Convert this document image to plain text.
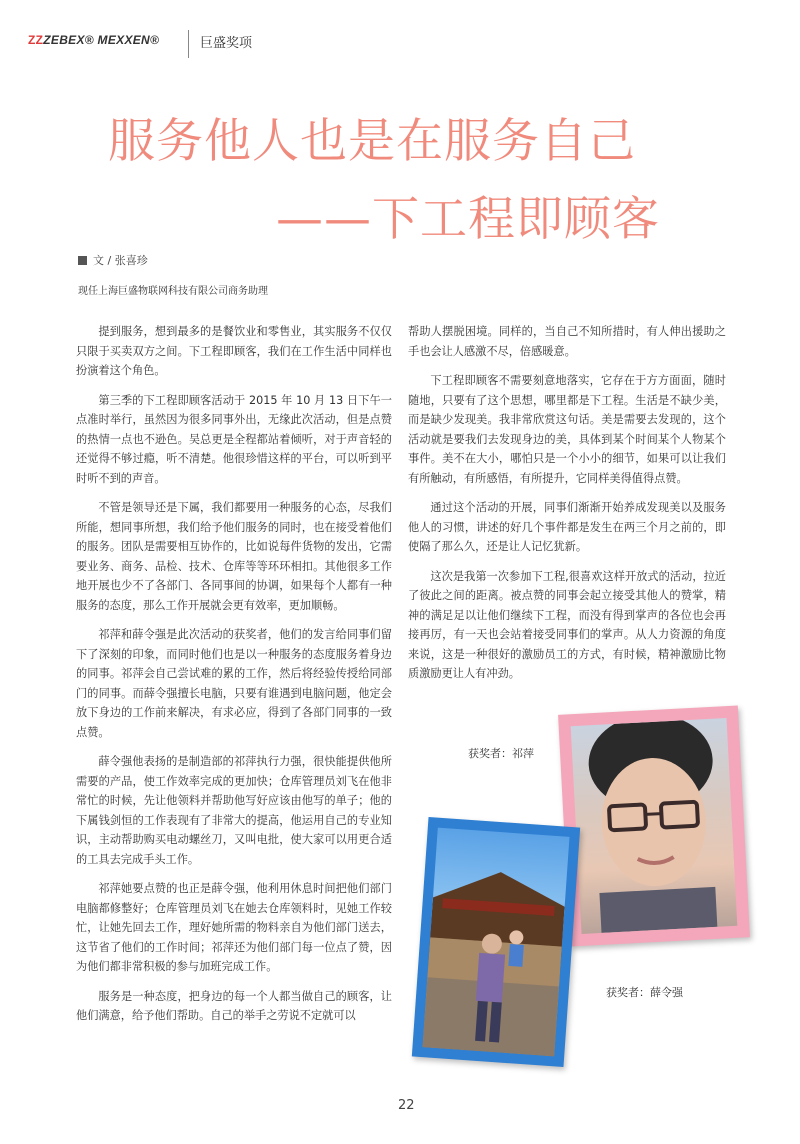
ZZZEBEX® MEXXEN®	巨盛奖项
服务他人也是在服务自己
——下工程即顾客
文 / 张喜珍
现任上海巨盛物联网科技有限公司商务助理

提到服务，想到最多的是餐饮业和零售业，其实服务不仅仅只限于买卖双方之间。下工程即顾客，我们在工作生活中同样也扮演着这个角色。

第三季的下工程即顾客活动于 2015 年 10 月 13 日下午一点准时举行，虽然因为很多同事外出，无缘此次活动，但是点赞的热情一点也不逊色。吴总更是全程都站着倾听，对于声音轻的还觉得不够过瘾，听不清楚。他很珍惜这样的平台，可以听到平时听不到的声音。

不管是领导还是下属，我们都要用一种服务的心态，尽我们所能，想同事所想，我们给予他们服务的同时，也在接受着他们的服务。团队是需要相互协作的，比如说每件货物的发出，它需要业务、商务、品检、技术、仓库等等环环相扣。其他很多工作地开展也少不了各部门、各同事间的协调，如果每个人都有一种服务的态度，那么工作开展就会更有效率，更加顺畅。

祁萍和薛令强是此次活动的获奖者，他们的发言给同事们留下了深刻的印象，而同时他们也是以一种服务的态度服务着身边的同事。祁萍会自己尝试难的累的工作，然后将经验传授给同部门的同事。而薛令强擅长电脑，只要有谁遇到电脑问题，他定会放下身边的工作前来解决，有求必应，得到了各部门同事的一致点赞。

薛令强他表扬的是制造部的祁萍执行力强，很快能提供他所需要的产品，使工作效率完成的更加快；仓库管理员刘飞在他非常忙的时候，先让他领料并帮助他写好应该由他写的单子；他的下属钱剑恒的工作表现有了非常大的提高，他运用自己的专业知识，主动帮助购买电动螺丝刀，又叫电批，使大家可以用更合适的工具去完成手头工作。

祁萍她要点赞的也正是薛令强，他利用休息时间把他们部门电脑都修整好；仓库管理员刘飞在她去仓库领料时，见她工作较忙，让她先回去工作，理好她所需的物料亲自为他们部门送去，这节省了他们的工作时间；祁萍还为他们部门每一位点了赞，因为他们都非常积极的参与加班完成工作。

服务是一种态度，把身边的每一个人都当做自己的顾客，让他们满意，给予他们帮助。自己的举手之劳说不定就可以

帮助人摆脱困境。同样的，当自己不知所措时，有人伸出援助之手也会让人感激不尽，倍感暖意。

下工程即顾客不需要刻意地落实，它存在于方方面面，随时随地，只要有了这个思想，哪里都是下工程。生活是不缺少美，而是缺少发现美。我非常欣赏这句话。美是需要去发现的，这个活动就是要我们去发现身边的美，具体到某个时间某个人物某个事件。美不在大小，哪怕只是一个小小的细节，如果可以让我们有所触动，有所感悟，有所提升，它同样美得值得点赞。

通过这个活动的开展，同事们渐渐开始养成发现美以及服务他人的习惯，讲述的好几个事件都是发生在两三个月之前的，即使隔了那么久，还是让人记忆犹新。

这次是我第一次参加下工程,很喜欢这样开放式的活动，拉近了彼此之间的距离。被点赞的同事会起立接受其他人的赞掌，精神的满足足以让他们继续下工程，而没有得到掌声的各位也会再接再厉，有一天也会站着接受同事们的掌声。从人力资源的角度来说，这是一种很好的激励员工的方式，有时候，精神激励比物质激励更让人有冲劲。

获奖者：祁萍
获奖者：薛令强
22
